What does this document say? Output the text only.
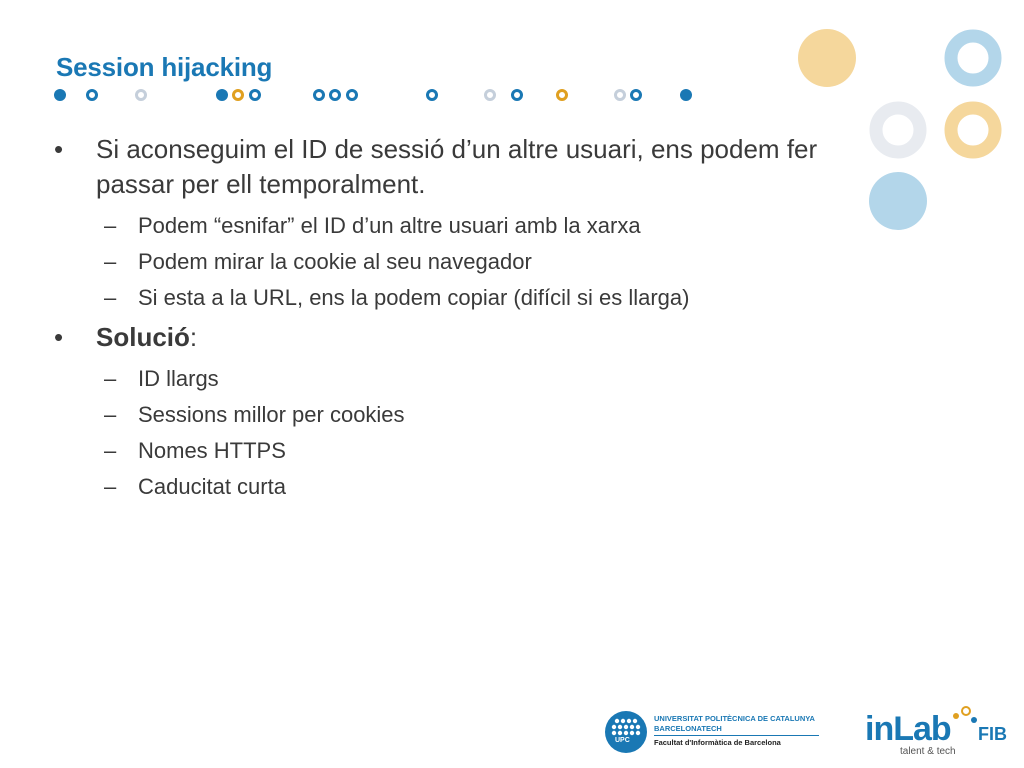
Session hijacking
•	Si aconseguim el ID de sessió d’un altre usuari, ens podem fer passar per ell temporalment.
– Podem “esnifar” el ID d’un altre usuari amb la xarxa
– Podem mirar la cookie al seu navegador
– Si esta a la URL, ens la podem copiar (difícil si es llarga)
•	Solució:
– ID llargs
– Sessions millor per cookies
– Nomes HTTPS
– Caducitat curta
UPC
UNIVERSITAT POLITÈCNICA DE CATALUNYA
BARCELONATECH
Facultat d'Informàtica de Barcelona inLab FIB
talent & tech
